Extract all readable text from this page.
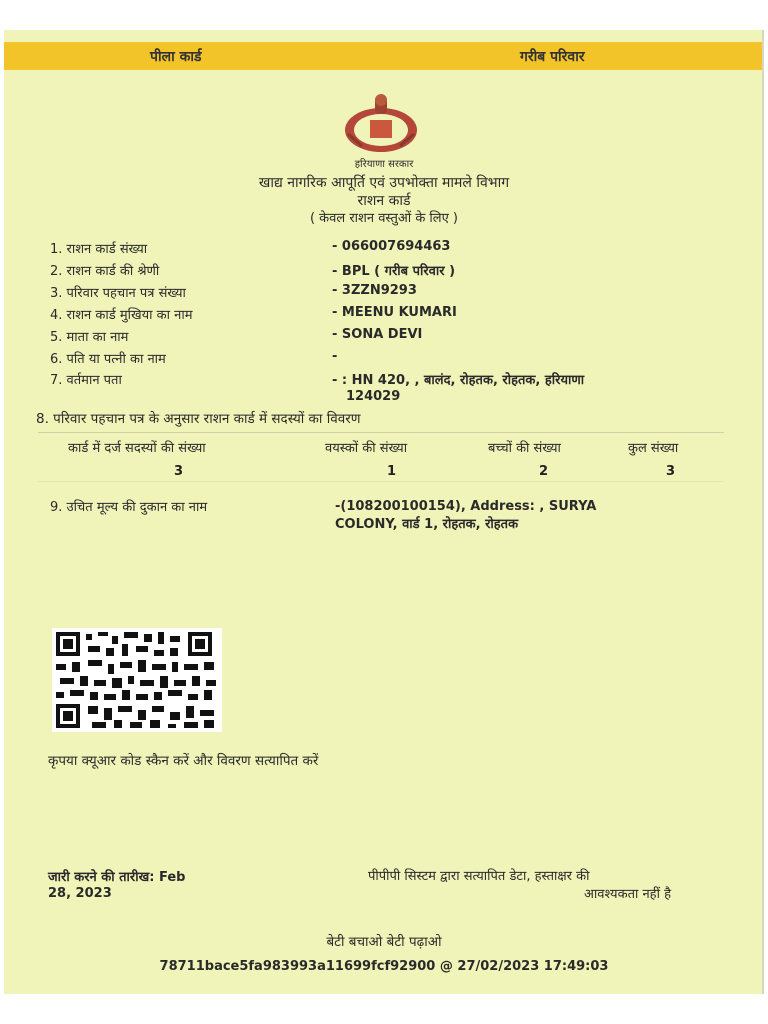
पीला कार्ड	गरीब परिवार
हरियाणा सरकार
खाद्य नागरिक आपूर्ति एवं उपभोक्ता मामले विभाग
राशन कार्ड
( केवल राशन वस्तुओं के लिए )
1. राशन कार्ड संख्या	- 066007694463
2. राशन कार्ड की श्रेणी	- BPL ( गरीब परिवार )
3. परिवार पहचान पत्र संख्या	- 3ZZN9293
4. राशन कार्ड मुखिया का नाम	- MEENU KUMARI
5. माता का नाम	- SONA DEVI
6. पति या पत्नी का नाम	-
7. वर्तमान पता	- : HN 420, , बालंद, रोहतक, रोहतक, हरियाणा
124029
8. परिवार पहचान पत्र के अनुसार राशन कार्ड में सदस्यों का विवरण
कार्ड में दर्ज सदस्यों की संख्या	वयस्कों की संख्या	बच्चों की संख्या	कुल संख्या
3	1	2	3
9. उचित मूल्य की दुकान का नाम	-(108200100154), Address: , SURYA
COLONY, वार्ड 1, रोहतक, रोहतक
कृपया क्यूआर कोड स्कैन करें और विवरण सत्यापित करें
जारी करने की तारीख: Feb
28, 2023
पीपीपी सिस्टम द्वारा सत्यापित डेटा, हस्ताक्षर की
आवश्यकता नहीं है
बेटी बचाओ बेटी पढ़ाओ
78711bace5fa983993a11699fcf92900 @ 27/02/2023 17:49:03
